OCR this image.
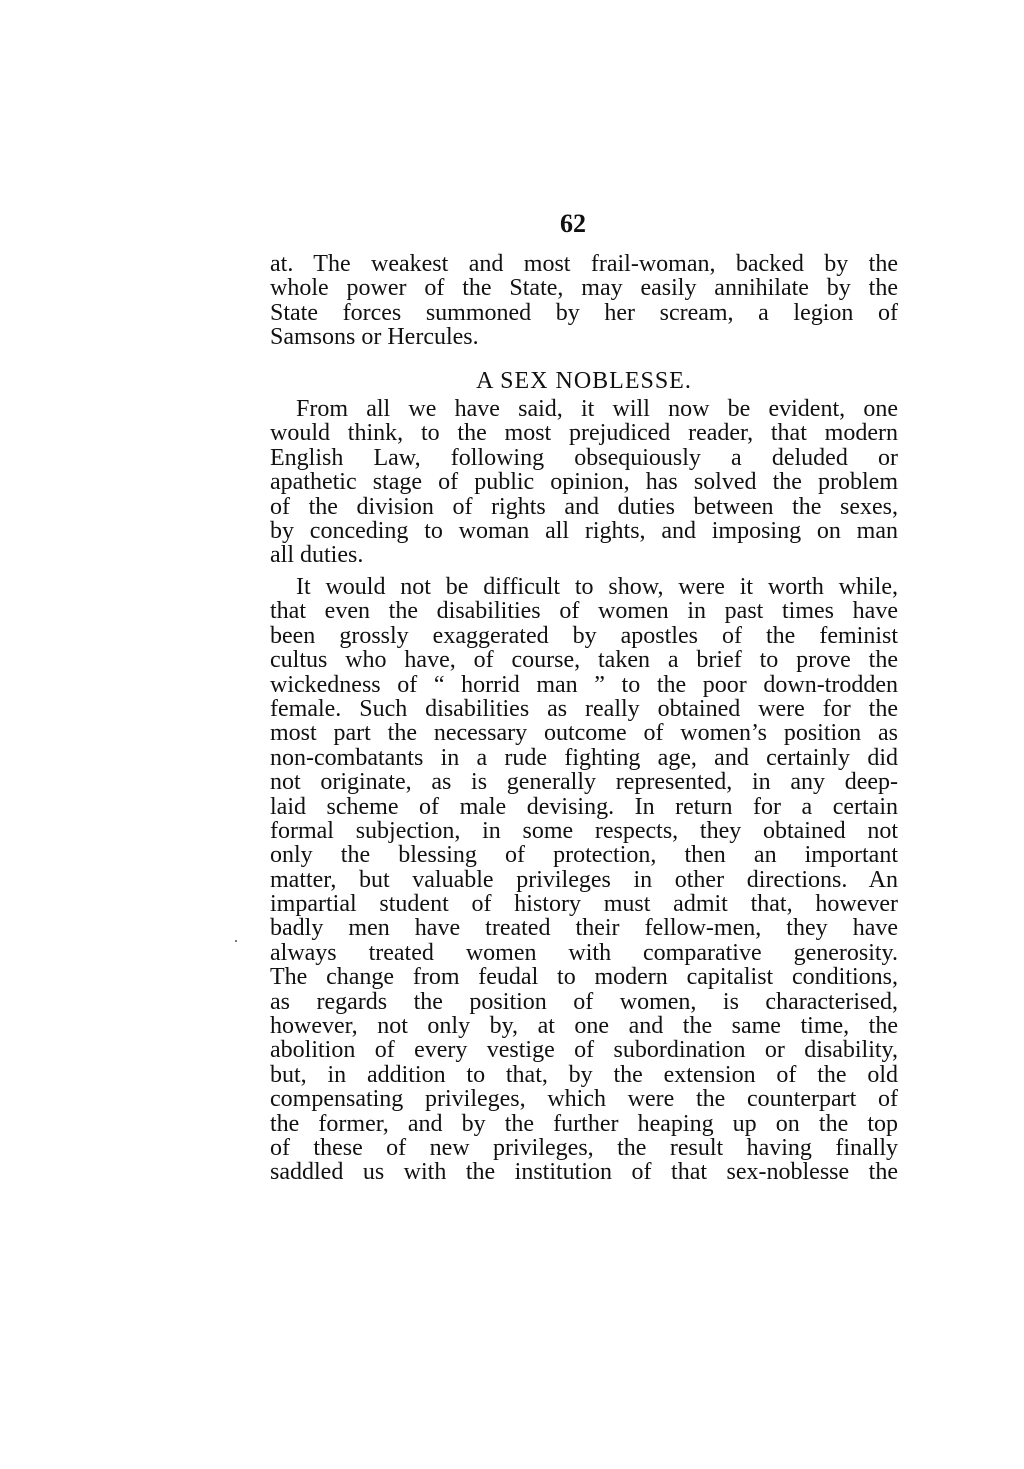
62
at. The weakest and most frail-woman, backed by the
whole power of the State, may easily annihilate by the
State forces summoned by her scream, a legion of
Samsons or Hercules.
A SEX NOBLESSE.
From all we have said, it will now be evident, one
would think, to the most prejudiced reader, that modern
English Law, following obsequiously a deluded or
apathetic stage of public opinion, has solved the problem
of the division of rights and duties between the sexes,
by conceding to woman all rights, and imposing on man
all duties.
It would not be difficult to show, were it worth while,
that even the disabilities of women in past times have
been grossly exaggerated by apostles of the feminist
cultus who have, of course, taken a brief to prove the
wickedness of “ horrid man ” to the poor down-trodden
female. Such disabilities as really obtained were for the
most part the necessary outcome of women’s position as
non-combatants in a rude fighting age, and certainly did
not originate, as is generally represented, in any deep-
laid scheme of male devising. In return for a certain
formal subjection, in some respects, they obtained not
only the blessing of protection, then an important
matter, but valuable privileges in other directions. An
impartial student of history must admit that, however
badly men have treated their fellow-men, they have
always treated women with comparative generosity.
The change from feudal to modern capitalist conditions,
as regards the position of women, is characterised,
however, not only by, at one and the same time, the
abolition of every vestige of subordination or disability,
but, in addition to that, by the extension of the old
compensating privileges, which were the counterpart of
the former, and by the further heaping up on the top
of these of new privileges, the result having finally
saddled us with the institution of that sex-noblesse the
